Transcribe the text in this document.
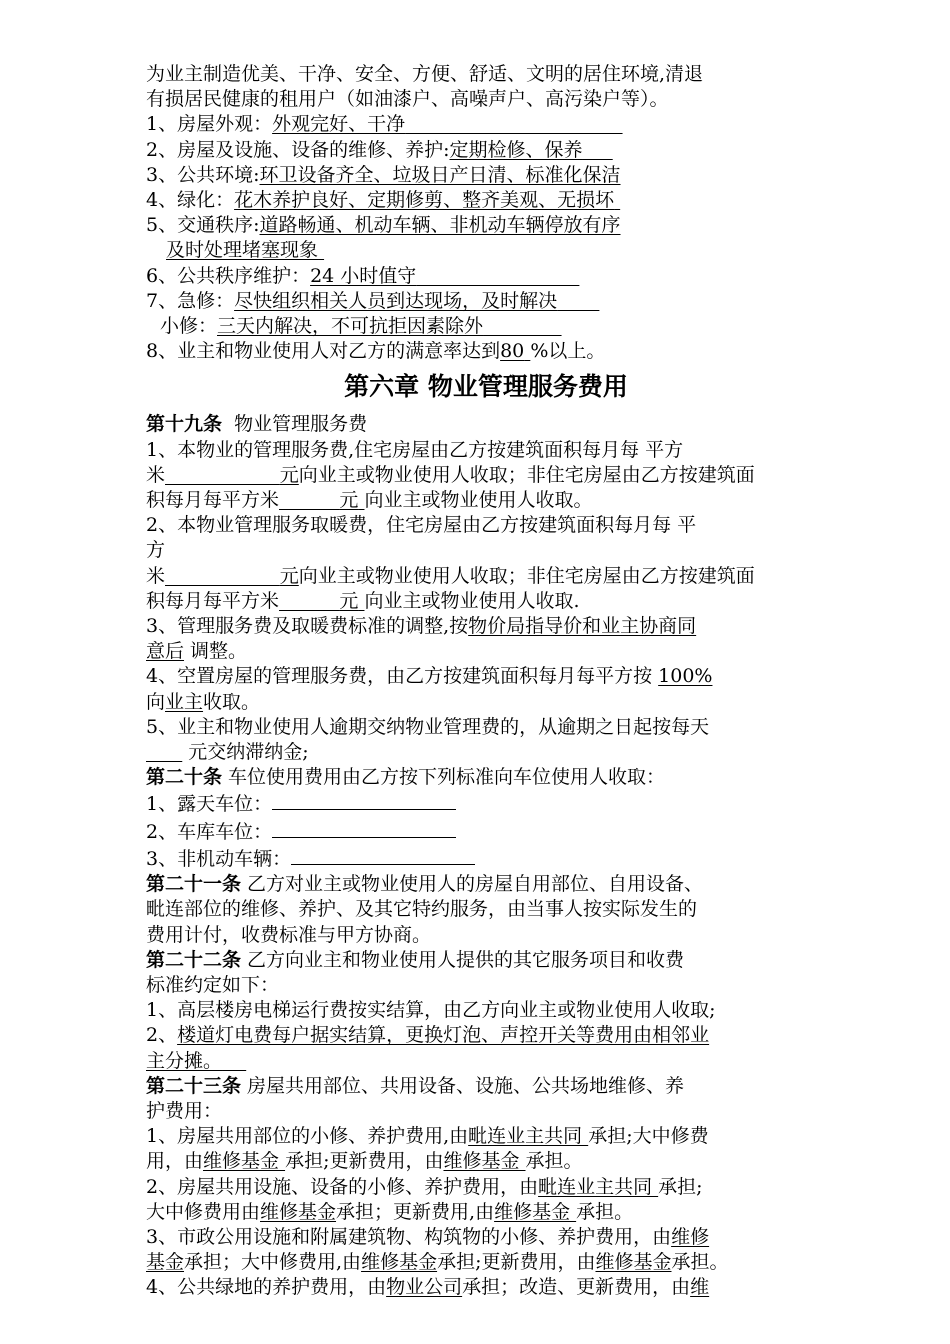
为业主制造优美、干净、安全、方便、舒适、文明的居住环境,清退

有损居民健康的租用户（如油漆户、高噪声户、高污染户等）。

1、房屋外观：外观完好、干净

2、房屋及设施、设备的维修、养护:定期检修、保养

3、公共环境:环卫设备齐全、垃圾日产日清、标准化保洁

4、绿化：花木养护良好、定期修剪、整齐美观、无损坏

5、交通秩序:道路畅通、机动车辆、非机动车辆停放有序

及时处理堵塞现象

6、公共秩序维护：24 小时值守

7、急修：尽快组织相关人员到达现场，及时解决

小修：三天内解决，不可抗拒因素除外

8、业主和物业使用人对乙方的满意率达到80 %以上。

第六章 物业管理服务费用

第十九条 物业管理服务费

1、本物业的管理服务费,住宅房屋由乙方按建筑面积每月每 平方

米	元向业主或物业使用人收取；非住宅房屋由乙方按建筑面

积每月每平方米	元 向业主或物业使用人收取。

2、本物业管理服务取暖费，住宅房屋由乙方按建筑面积每月每 平

方

米	元向业主或物业使用人收取；非住宅房屋由乙方按建筑面

积每月每平方米	元 向业主或物业使用人收取.

3、管理服务费及取暖费标准的调整,按物价局指导价和业主协商同

意后 调整。

4、空置房屋的管理服务费，由乙方按建筑面积每月每平方按 100%

向业主收取。

5、业主和物业使用人逾期交纳物业管理费的，从逾期之日起按每天

元交纳滞纳金;

第二十条 车位使用费用由乙方按下列标准向车位使用人收取：

1、露天车位：

2、车库车位：

3、非机动车辆：

第二十一条 乙方对业主或物业使用人的房屋自用部位、自用设备、

毗连部位的维修、养护、及其它特约服务，由当事人按实际发生的

费用计付，收费标准与甲方协商。

第二十二条 乙方向业主和物业使用人提供的其它服务项目和收费

标准约定如下：

1、高层楼房电梯运行费按实结算，由乙方向业主或物业使用人收取;

2、楼道灯电费每户据实结算，更换灯泡、声控开关等费用由相邻业

主分摊。

第二十三条 房屋共用部位、共用设备、设施、公共场地维修、养

护费用：

1、房屋共用部位的小修、养护费用,由毗连业主共同 承担;大中修费

用，由维修基金 承担;更新费用，由维修基金 承担。

2、房屋共用设施、设备的小修、养护费用，由毗连业主共同 承担;

大中修费用由维修基金承担；更新费用,由维修基金 承担。

3、市政公用设施和附属建筑物、构筑物的小修、养护费用，由维修

基金承担；大中修费用,由维修基金承担;更新费用，由维修基金承担。

4、公共绿地的养护费用，由物业公司承担；改造、更新费用，由维
